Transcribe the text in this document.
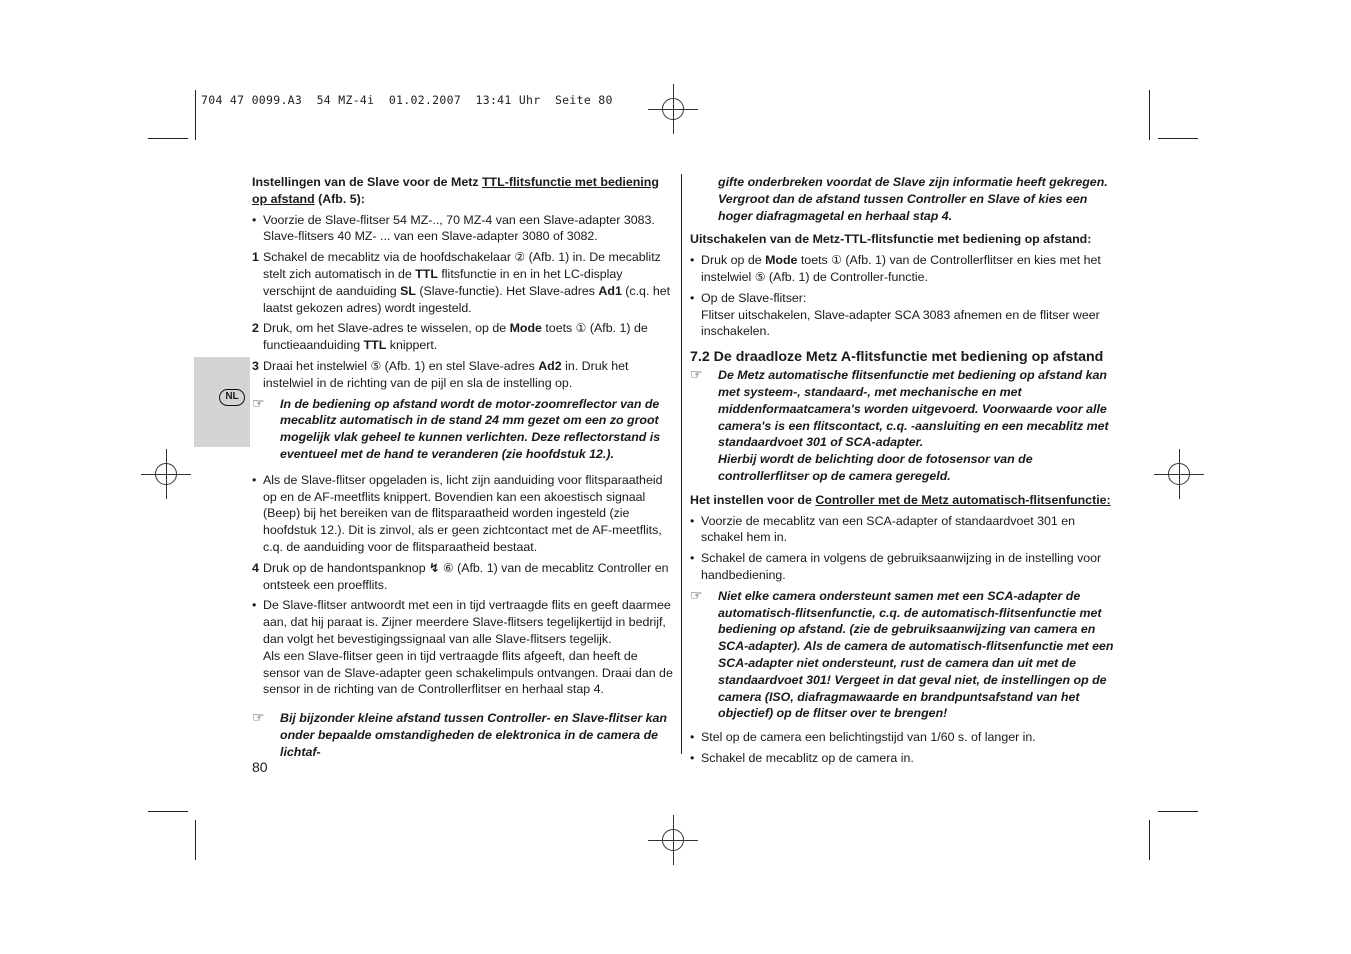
704 47 0099.A3  54 MZ-4i  01.02.2007  13:41 Uhr  Seite 80
NL

Instellingen van de Slave voor de Metz TTL-flitsfunctie met bediening op afstand (Afb. 5):

• Voorzie de Slave-flitser 54 MZ-.., 70 MZ-4 van een Slave-adapter 3083. Slave-flitsers 40 MZ- ... van een Slave-adapter 3080 of 3082.
1 Schakel de mecablitz via de hoofdschakelaar ② (Afb. 1) in. De mecablitz stelt zich automatisch in de TTL flitsfunctie in en in het LC-display verschijnt de aanduiding SL (Slave-functie). Het Slave-adres Ad1 (c.q. het laatst gekozen adres) wordt ingesteld.
2 Druk, om het Slave-adres te wisselen, op de Mode toets ① (Afb. 1) de functieaanduiding TTL knippert.
3 Draai het instelwiel ⑤ (Afb. 1) en stel Slave-adres Ad2 in. Druk het instelwiel in de richting van de pijl en sla de instelling op.
☞ In de bediening op afstand wordt de motor-zoomreflector van de mecablitz automatisch in de stand 24 mm gezet om een zo groot mogelijk vlak geheel te kunnen verlichten. Deze reflectorstand is eventueel met de hand te veranderen (zie hoofdstuk 12.).
• Als de Slave-flitser opgeladen is, licht zijn aanduiding voor flitsparaatheid op en de AF-meetflits knippert. Bovendien kan een akoestisch signaal (Beep) bij het bereiken van de flitsparaatheid worden ingesteld (zie hoofdstuk 12.). Dit is zinvol, als er geen zichtcontact met de AF-meetflits, c.q. de aanduiding voor de flitsparaatheid bestaat.
4 Druk op de handontspanknop ↯ ⑥ (Afb. 1) van de mecablitz Controller en ontsteek een proefflits.
• De Slave-flitser antwoordt met een in tijd vertraagde flits en geeft daarmee aan, dat hij paraat is. Zijner meerdere Slave-flitsers tegelijkertijd in bedrijf, dan volgt het bevestigingssignaal van alle Slave-flitsers tegelijk.
Als een Slave-flitser geen in tijd vertraagde flits afgeeft, dan heeft de sensor van de Slave-adapter geen schakelimpuls ontvangen. Draai dan de sensor in de richting van de Controllerflitser en herhaal stap 4.
☞ Bij bijzonder kleine afstand tussen Controller- en Slave-flitser kan onder bepaalde omstandigheden de elektronica in de camera de lichtaf-
80
gifte onderbreken voordat de Slave zijn informatie heeft gekregen. Vergroot dan de afstand tussen Controller en Slave of kies een hoger diafragmagetal en herhaal stap 4.

Uitschakelen van de Metz-TTL-flitsfunctie met bediening op afstand:

• Druk op de Mode toets ① (Afb. 1) van de Controllerflitser en kies met het instelwiel ⑤ (Afb. 1) de Controller-functie.
• Op de Slave-flitser:
Flitser uitschakelen, Slave-adapter SCA 3083 afnemen en de flitser weer inschakelen.

7.2 De draadloze Metz A-flitsfunctie met bediening op afstand

☞ De Metz automatische flitsenfunctie met bediening op afstand kan met systeem-, standaard-, met mechanische en met middenformaatcamera's worden uitgevoerd. Voorwaarde voor alle camera's is een flitscontact, c.q. -aansluiting en een mecablitz met standaardvoet 301 of SCA-adapter.
Hierbij wordt de belichting door de fotosensor van de controllerflitser op de camera geregeld.

Het instellen voor de Controller met de Metz automatisch-flitsenfunctie:

• Voorzie de mecablitz van een SCA-adapter of standaardvoet 301 en schakel hem in.
• Schakel de camera in volgens de gebruiksaanwijzing in de instelling voor handbediening.
☞ Niet elke camera ondersteunt samen met een SCA-adapter de automatisch-flitsenfunctie, c.q. de automatisch-flitsenfunctie met bediening op afstand. (zie de gebruiksaanwijzing van camera en SCA-adapter). Als de camera de automatisch-flitsenfunctie met een SCA-adapter niet ondersteunt, rust de camera dan uit met de standaardvoet 301! Vergeet in dat geval niet, de instellingen op de camera (ISO, diafragmawaarde en brandpuntsafstand van het objectief) op de flitser over te brengen!
• Stel op de camera een belichtingstijd van 1/60 s. of langer in.
• Schakel de mecablitz op de camera in.
